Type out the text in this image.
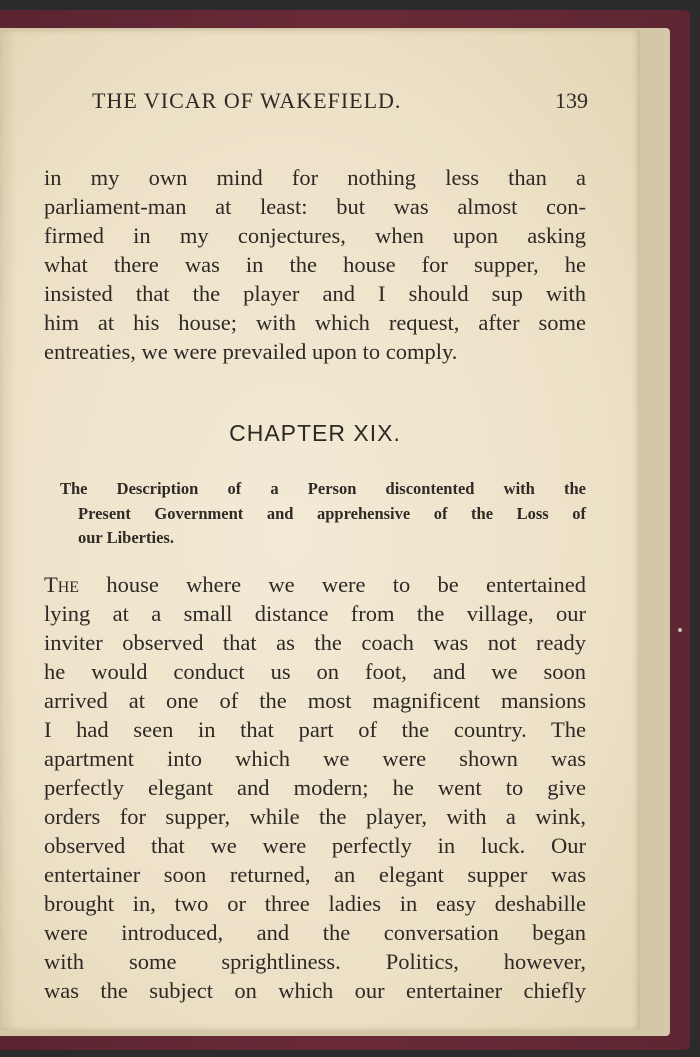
THE VICAR OF WAKEFIELD.	139
in my own mind for nothing less than a
parliament-man at least: but was almost con-
firmed in my conjectures, when upon asking
what there was in the house for supper, he
insisted that the player and I should sup with
him at his house; with which request, after some
entreaties, we were prevailed upon to comply.
CHAPTER XIX.
The Description of a Person discontented with the
Present Government and apprehensive of the Loss of
our Liberties.
The house where we were to be entertained
lying at a small distance from the village, our
inviter observed that as the coach was not ready
he would conduct us on foot, and we soon
arrived at one of the most magnificent mansions
I had seen in that part of the country. The
apartment into which we were shown was
perfectly elegant and modern; he went to give
orders for supper, while the player, with a wink,
observed that we were perfectly in luck. Our
entertainer soon returned, an elegant supper was
brought in, two or three ladies in easy deshabille
were introduced, and the conversation began
with some sprightliness. Politics, however,
was the subject on which our entertainer chiefly
